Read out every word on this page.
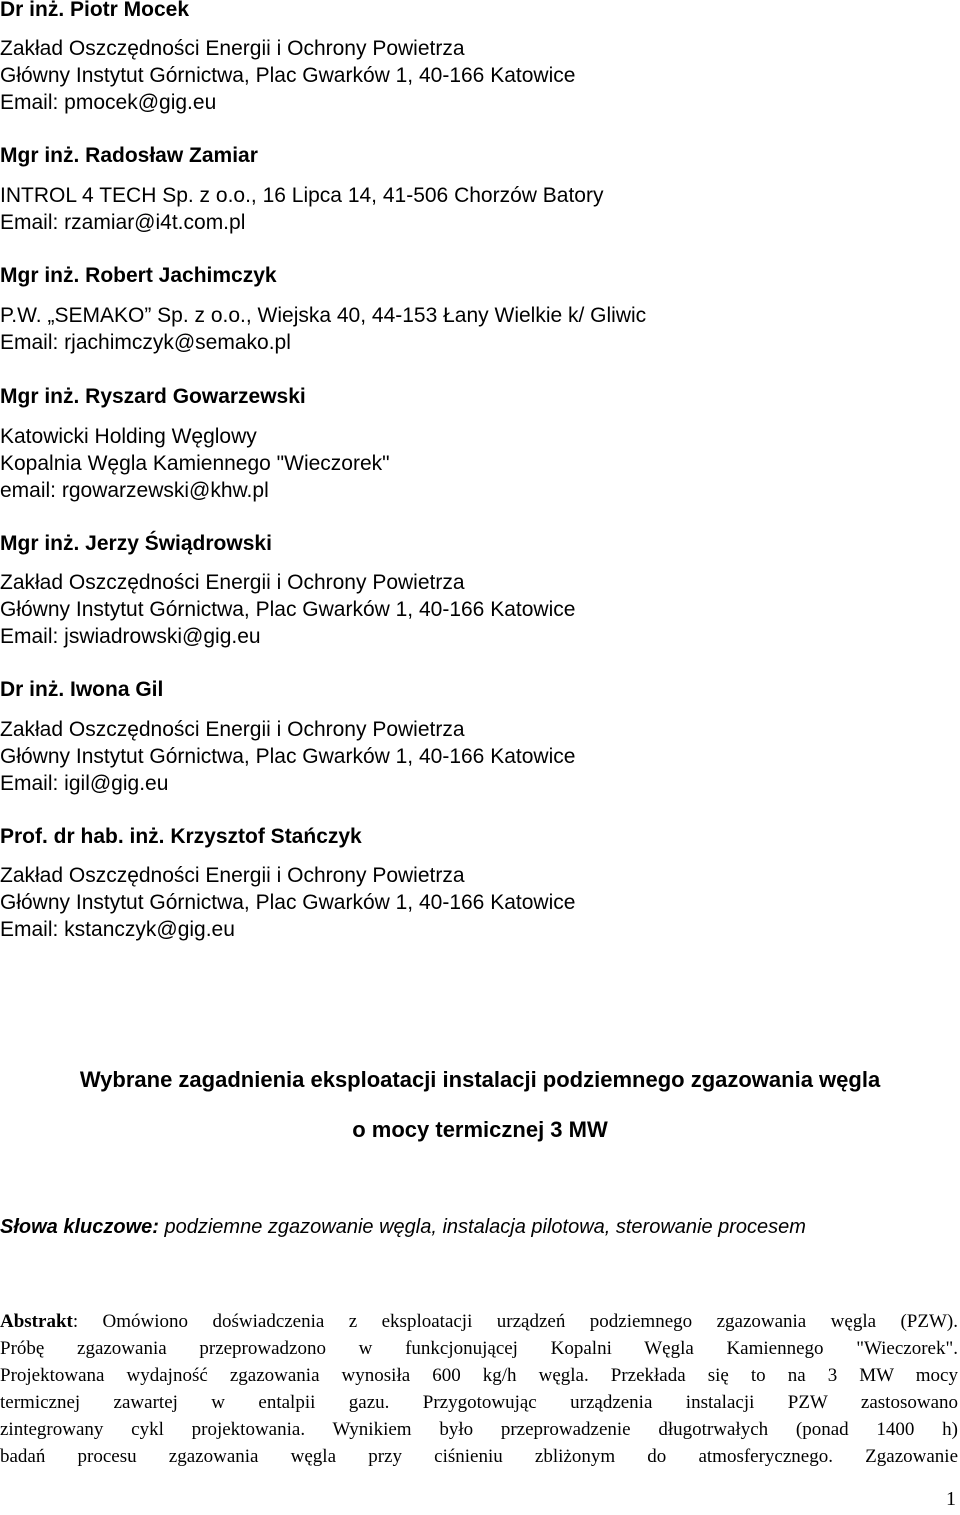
Dr inż. Piotr Mocek
Zakład Oszczędności Energii i Ochrony Powietrza
Główny Instytut Górnictwa, Plac Gwarków 1, 40-166 Katowice
Email: pmocek@gig.eu
Mgr inż. Radosław Zamiar
INTROL 4 TECH Sp. z o.o., 16 Lipca 14, 41-506 Chorzów Batory
Email: rzamiar@i4t.com.pl
Mgr inż. Robert Jachimczyk
P.W. „SEMAKO” Sp. z o.o., Wiejska 40, 44-153 Łany Wielkie k/ Gliwic
Email: rjachimczyk@semako.pl
Mgr inż. Ryszard Gowarzewski
Katowicki Holding Węglowy
Kopalnia Węgla Kamiennego "Wieczorek"
email: rgowarzewski@khw.pl
Mgr inż. Jerzy Świądrowski
Zakład Oszczędności Energii i Ochrony Powietrza
Główny Instytut Górnictwa, Plac Gwarków 1, 40-166 Katowice
Email: jswiadrowski@gig.eu
Dr inż. Iwona Gil
Zakład Oszczędności Energii i Ochrony Powietrza
Główny Instytut Górnictwa, Plac Gwarków 1, 40-166 Katowice
Email: igil@gig.eu
Prof. dr hab. inż. Krzysztof Stańczyk
Zakład Oszczędności Energii i Ochrony Powietrza
Główny Instytut Górnictwa, Plac Gwarków 1, 40-166 Katowice
Email: kstanczyk@gig.eu
Wybrane zagadnienia eksploatacji instalacji podziemnego zgazowania węgla
o mocy termicznej 3 MW
Słowa kluczowe: podziemne zgazowanie węgla, instalacja pilotowa, sterowanie procesem
Abstrakt: Omówiono doświadczenia z eksploatacji urządzeń podziemnego zgazowania węgla (PZW).
Próbę zgazowania przeprowadzono w funkcjonującej Kopalni Węgla Kamiennego "Wieczorek".
Projektowana wydajność zgazowania wynosiła 600 kg/h węgla. Przekłada się to na 3 MW mocy
termicznej zawartej w entalpii gazu. Przygotowując urządzenia instalacji PZW zastosowano
zintegrowany cykl projektowania. Wynikiem było przeprowadzenie długotrwałych (ponad 1400 h)
badań procesu zgazowania węgla przy ciśnieniu zbliżonym do atmosferycznego. Zgazowanie
1
